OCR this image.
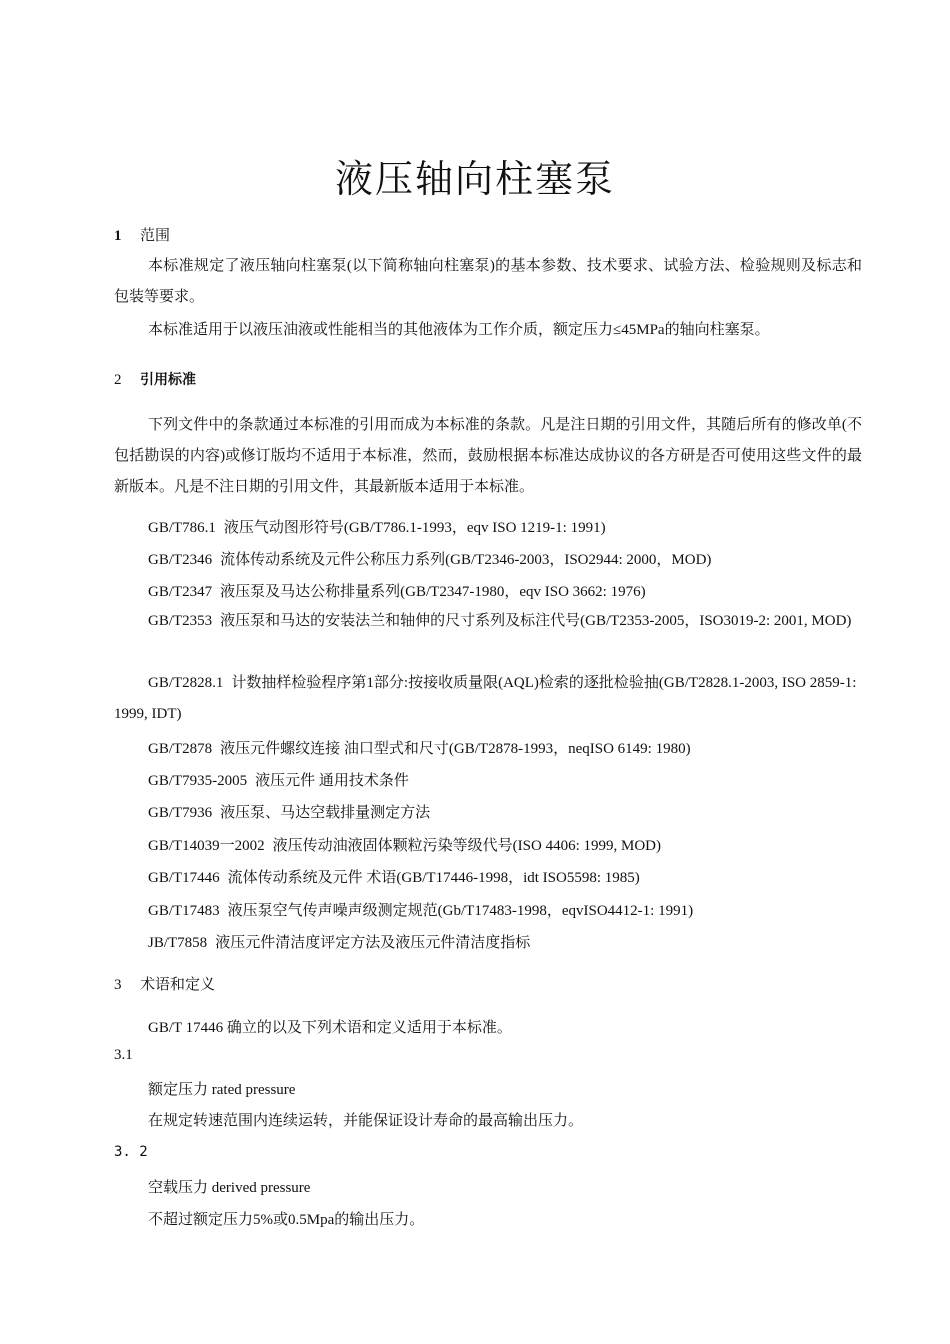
液压轴向柱塞泵
1 范围
本标准规定了液压轴向柱塞泵(以下简称轴向柱塞泵)的基本参数、技术要求、试验方法、检验规则及标志和包装等要求。
本标准适用于以液压油液或性能相当的其他液体为工作介质，额定压力≤45MPa的轴向柱塞泵。
2 引用标准
下列文件中的条款通过本标准的引用而成为本标准的条款。凡是注日期的引用文件，其随后所有的修改单(不包括勘误的内容)或修订版均不适用于本标准，然而，鼓励根据本标准达成协议的各方研是否可使用这些文件的最新版本。凡是不注日期的引用文件，其最新版本适用于本标准。
GB/T786.1 液压气动图形符号(GB/T786.1-1993，eqv ISO 1219-1: 1991)
GB/T2346 流体传动系统及元件公称压力系列(GB/T2346-2003，ISO2944: 2000，MOD)
GB/T2347 液压泵及马达公称排量系列(GB/T2347-1980，eqv ISO 3662: 1976)
GB/T2353 液压泵和马达的安装法兰和轴伸的尺寸系列及标注代号(GB/T2353-2005，ISO3019-2: 2001, MOD)
GB/T2828.1 计数抽样检验程序第1部分:按接收质量限(AQL)检索的逐批检验抽(GB/T2828.1-2003, ISO 2859-1: 1999, IDT)
GB/T2878 液压元件螺纹连接 油口型式和尺寸(GB/T2878-1993，neqISO 6149: 1980)
GB/T7935-2005 液压元件 通用技术条件
GB/T7936 液压泵、马达空载排量测定方法
GB/T14039一2002 液压传动油液固体颗粒污染等级代号(ISO 4406: 1999, MOD)
GB/T17446 流体传动系统及元件 术语(GB/T17446-1998，idt ISO5598: 1985)
GB/T17483 液压泵空气传声噪声级测定规范(Gb/T17483-1998，eqvISO4412-1: 1991)
JB/T7858 液压元件清洁度评定方法及液压元件清洁度指标
3 术语和定义
GB/T 17446 确立的以及下列术语和定义适用于本标准。
3.1
额定压力 rated pressure
在规定转速范围内连续运转，并能保证设计寿命的最高输出压力。
3. 2
空载压力 derived pressure
不超过额定压力5%或0.5Mpa的输出压力。
